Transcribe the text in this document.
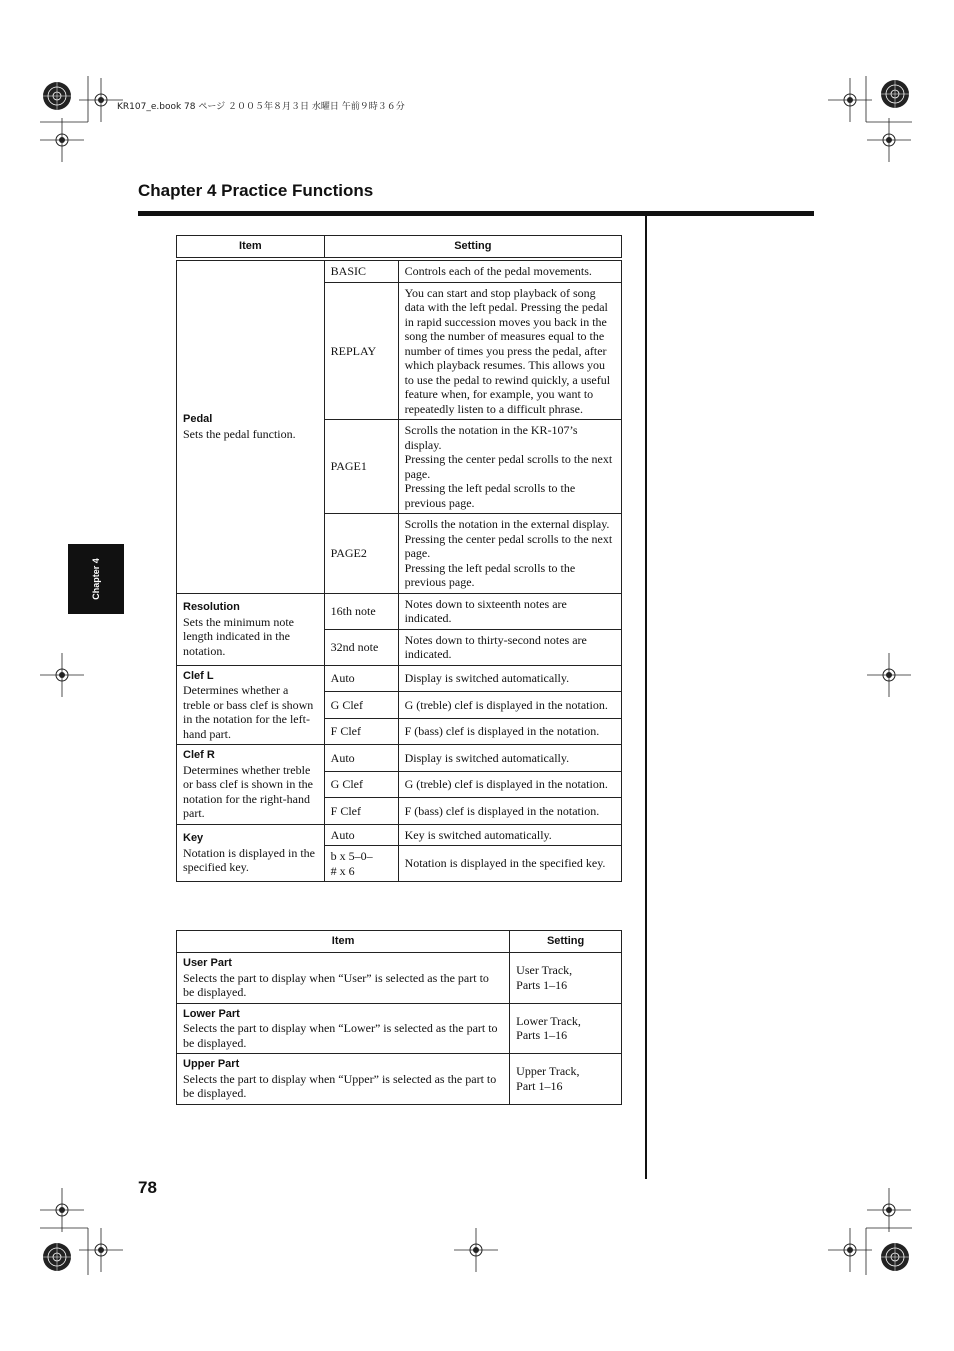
KR107_e.book 78 ページ ２００５年８月３日 水曜日 午前９時３６分
Chapter 4 Practice Functions
Chapter 4
Item	Setting	

Pedal
Sets the pedal function.	BASIC	Controls each of the pedal movements.
	REPLAY	You can start and stop playback of song data with the left pedal. Pressing the pedal in rapid succession moves you back in the song the number of measures equal to the number of times you press the pedal, after which playback resumes. This allows you to use the pedal to rewind quickly, a useful feature when, for example, you want to repeatedly listen to a difficult phrase.
	PAGE1	Scrolls the notation in the KR-107’s display.
Pressing the center pedal scrolls to the next page.
Pressing the left pedal scrolls to the previous page.
	PAGE2	Scrolls the notation in the external display.
Pressing the center pedal scrolls to the next page.
Pressing the left pedal scrolls to the previous page.

Resolution
Sets the minimum note length indicated in the notation.	16th note	Notes down to sixteenth notes are indicated.
	32nd note	Notes down to thirty-second notes are indicated.

Clef L
Determines whether a treble or bass clef is shown in the notation for the left-hand part.	Auto	Display is switched automatically.
	G Clef	G (treble) clef is displayed in the notation.
	F Clef	F (bass) clef is displayed in the notation.

Clef R
Determines whether treble or bass clef is shown in the notation for the right-hand part.	Auto	Display is switched automatically.
	G Clef	G (treble) clef is displayed in the notation.
	F Clef	F (bass) clef is displayed in the notation.

Key
Notation is displayed in the
specified key.	Auto	Key is switched automatically.
	b x 5–0–
# x 6	Notation is displayed in the specified key.
Item	Setting

User Part
Selects the part to display when “User” is selected as the part to be displayed.	User Track,
Parts 1–16

Lower Part
Selects the part to display when “Lower” is selected as the part to be displayed.	Lower Track,
Parts 1–16

Upper Part
Selects the part to display when “Upper” is selected as the part to be displayed.	Upper Track,
Part 1–16
78
